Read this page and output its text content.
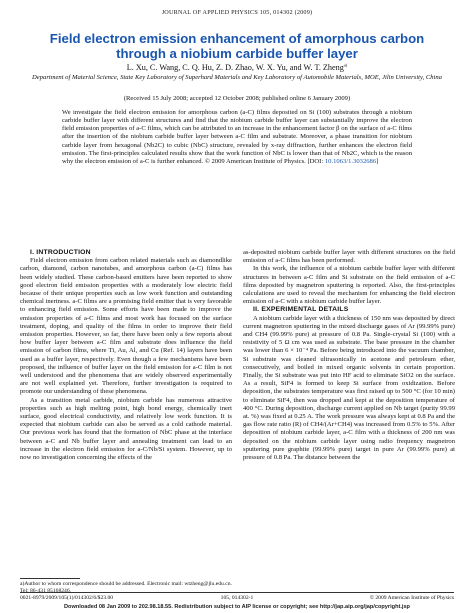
JOURNAL OF APPLIED PHYSICS 105, 014302 (2009)
Field electron emission enhancement of amorphous carbon through a niobium carbide buffer layer
L. Xu, C. Wang, C. Q. Hu, Z. D. Zhao, W. X. Yu, and W. T. Zheng$^{a)}$
Department of Material Science, State Key Laboratory of Superhard Materials and Key Laboratory of Automobile Materials, MOE, Jilin University, China
(Received 15 July 2008; accepted 12 October 2008; published online 6 January 2009)
We investigate the field electron emission for amorphous carbon (a-C) films deposited on Si (100) substrates through a niobium carbide buffer layer with different structures and find that the niobium carbide buffer layer can substantially improve the electron field emission properties of a-C films, which can be attributed to an increase in the enhancement factor β on the surface of a-C films after the insertion of the niobium carbide buffer layer between a-C film and substrate. Moreover, a phase transition for niobium carbide layer from hexagonal (Nb2C) to cubic (NbC) structure, revealed by x-ray diffraction, further enhances the electron field emission. The first-principles calculated results show that the work function of NbC is lower than that of Nb2C, which is the reason why the electron emission of a-C is further enhanced. © 2009 American Institute of Physics. [DOI: 10.1063/1.3032686]

I. INTRODUCTION

Field electron emission from carbon related materials such as diamondlike carbon, diamond, carbon nanotubes, and amorphous carbon (a-C) films has been widely studied. These carbon-based emitters have been reported to show good electron field emission properties with a moderately low electric field because of their unique properties such as low work function and outstanding chemical inertness. a-C films are a promising field emitter that is very favorable to enhancing field emission. Some efforts have been made to improve the emission properties of a-C films and most work has focused on the surface treatment, doping, and quality of the films in order to improve their field emission properties. However, so far, there have been only a few reports about how buffer layer between a-C film and substrate does influence the field emission of carbon films, where Ti, Au, Al, and Cu (Ref. 14) layers have been used as a buffer layer, respectively. Even though a few mechanisms have been proposed, the influence of buffer layer on the field emission for a-C film is not well understood and the phenomena that are widely observed experimentally are not well explained yet. Therefore, further investigation is required to promote our understanding of these phenomena.

As a transition metal carbide, niobium carbide has numerous attractive properties such as high melting point, high bond energy, chemically inert surface, good electrical conductivity, and relatively low work function. It is expected that niobium carbide can also be served as a cold cathode material. Our previous work has found that the formation of NbC phase at the interface between a-C and Nb buffer layer and annealing treatment can lead to an increase in the electron field emission for a-C/Nb/Si system. However, up to now no investigation concerning the effects of the

as-deposited niobium carbide buffer layer with different structures on the field emission of a-C films has been performed.

In this work, the influence of a niobium carbide buffer layer with different structures in between a-C film and Si substrate on the field emission of a-C films deposited by magnetron sputtering is reported. Also, the first-principles calculations are used to reveal the mechanism for enhancing the field electron emission of a-C with a niobium carbide buffer layer.

II. EXPERIMENTAL DETAILS

A niobium carbide layer with a thickness of 150 nm was deposited by direct current magnetron sputtering in the mixed discharge gases of Ar (99.99% pure) and CH4 (99.99% pure) at pressure of 0.8 Pa. Single-crystal Si (100) with a resistivity of 5 Ω cm was used as substrate. The base pressure in the chamber was lower than 6 × 10⁻⁴ Pa. Before being introduced into the vacuum chamber, Si substrate was cleaned ultrasonically in acetone and petroleum ether, consecutively, and boiled in mixed organic solvents in certain proportion. Finally, the Si substrate was put into HF acid to eliminate SiO2 on the surface. As a result, SiF4 is formed to keep Si surface from oxidization. Before deposition, the substrates temperature was first raised up to 500 °C (for 10 min) to eliminate SiF4, then was dropped and kept at the deposition temperature of 400 °C. During deposition, discharge current applied on Nb target (purity 99.99 at. %) was fixed at 0.25 A. The work pressure was always kept at 0.8 Pa and the gas flow rate ratio (R) of CH4/(Ar+CH4) was increased from 0.5% to 5%. After deposition of niobium carbide layer, a-C film with a thickness of 200 nm was deposited on the niobium carbide layer using radio frequency magnetron sputtering pure graphite (99.99% pure) target in pure Ar (99.99% pure) at pressure of 0.8 Pa. The distance between the

a)Author to whom correspondence should be addressed. Electronic mail: wtzheng@jlu.edu.cn. Tel: 86-431 85168246.
0021-8979/2009/105(1)/014302/6/$23.00	105, 014302-1	© 2009 American Institute of Physics
Downloaded 08 Jan 2009 to 202.98.18.55. Redistribution subject to AIP license or copyright; see http://jap.aip.org/jap/copyright.jsp
